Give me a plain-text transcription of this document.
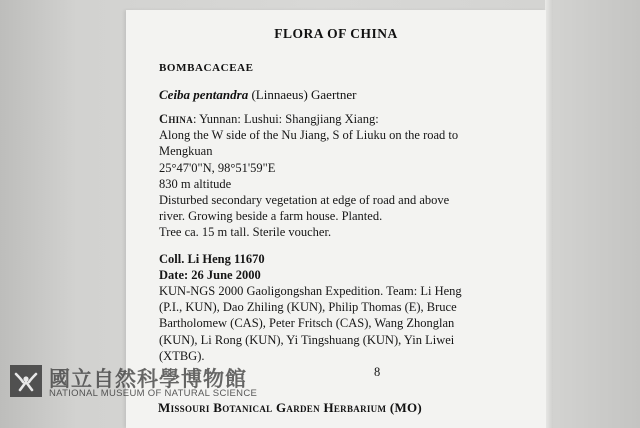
FLORA OF CHINA
BOMBACACEAE
Ceiba pentandra (Linnaeus) Gaertner
China: Yunnan: Lushui: Shangjiang Xiang:
Along the W side of the Nu Jiang, S of Liuku on the road to
Mengkuan
25°47'0"N, 98°51'59"E
830 m altitude
Disturbed secondary vegetation at edge of road and above
river. Growing beside a farm house. Planted.
Tree ca. 15 m tall. Sterile voucher.
Coll. Li Heng 11670
Date: 26 June 2000
KUN-NGS 2000 Gaoligongshan Expedition. Team: Li Heng
(P.I., KUN), Dao Zhiling (KUN), Philip Thomas (E), Bruce
Bartholomew (CAS), Peter Fritsch (CAS), Wang Zhonglan
(KUN), Li Rong (KUN), Yi Tingshuang (KUN), Yin Liwei
(XTBG).
8
Missouri Botanical Garden Herbarium (MO)
國立自然科學博物館
NATIONAL MUSEUM OF NATURAL SCIENCE
